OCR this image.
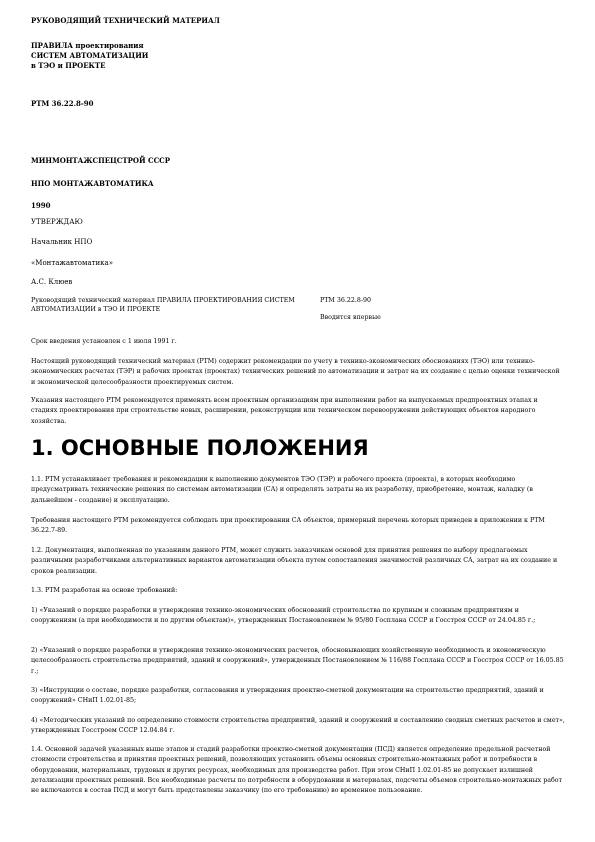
РУКОВОДЯЩИЙ ТЕХНИЧЕСКИЙ МАТЕРИАЛ

ПРАВИЛА проектирования

СИСТЕМ АВТОМАТИЗАЦИИ

в ТЭО и ПРОЕКТЕ

РТМ 36.22.8-90

МИНМОНТАЖСПЕЦСТРОЙ СССР

НПО МОНТАЖАВТОМАТИКА

1990

УТВЕРЖДАЮ

Начальник НПО

«Монтажавтоматика»

А.С. Клюев

Руководящий технический материал ПРАВИЛА ПРОЕКТИРОВАНИЯ СИСТЕМ АВТОМАТИЗАЦИИ в ТЭО И ПРОЕКТЕ	
РТМ 36.22.8-90
Вводится впервые

Срок введения установлен с 1 июля 1991 г.

Настоящий руководящий технический материал (РТМ) содержит рекомендации по учету в технико-экономических обоснованиях (ТЭО) или технико-экономических расчетах (ТЭР) и рабочих проектах (проектах) технических решений по автоматизации и затрат на их создание с целью оценки технической и экономической целесообразности проектируемых систем.

Указания настоящего РТМ рекомендуется применять всем проектным организациям при выполнении работ на выпускаемых предпроектных этапах и стадиях проектирования при строительстве новых, расширении, реконструкции или техническом перевооружении действующих объектов народного хозяйства.

1. ОСНОВНЫЕ ПОЛОЖЕНИЯ

1.1. РТМ устанавливает требования и рекомендации к выполнению документов ТЭО (ТЭР) и рабочего проекта (проекта), в которых необходимо предусматривать технические решения по системам автоматизации (СА) и определять затраты на их разработку, приобретение, монтаж, наладку (в дальнейшем - создание) и эксплуатацию.

Требования настоящего РТМ рекомендуется соблюдать при проектировании СА объектов, примерный перечень которых приведен в приложении к РТМ 36.22.7-89.

1.2. Документация, выполненная по указаниям данного РТМ, может служить заказчикам основой для принятия решения по выбору предлагаемых различными разработчиками альтернативных вариантов автоматизации объекта путем сопоставления значимостей различных СА, затрат на их создание и сроков реализации.

1.3. РТМ разработан на основе требований:

1) «Указаний о порядке разработки и утверждения технико-экономических обоснований строительства по крупным и сложным предприятиям и сооружениям (а при необходимости и по другим объектам)», утвержденных Постановлением № 95/80 Госплана СССР и Госстроя СССР от 24.04.85 г.;

2) «Указаний о порядке разработки и утверждения технико-экономических расчетов, обосновывающих хозяйственную необходимость и экономическую целесообразность строительства предприятий, зданий и сооружений», утвержденных Постановлением № 116/88 Госплана СССР и Госстроя СССР от 16.05.85 г.;

3) «Инструкции о составе, порядке разработки, согласования и утверждения проектно-сметной документации на строительство предприятий, зданий и сооружений» СНиП 1.02.01-85;

4) «Методических указаний по определению стоимости строительства предприятий, зданий и сооружений и составлению сводных сметных расчетов и смет», утвержденных Госстроем СССР 12.04.84 г.

1.4. Основной задачей указанных выше этапов и стадий разработки проектно-сметной документации (ПСД) является определение предельной расчетной стоимости строительства и принятия проектных решений, позволяющих установить объемы основных строительно-монтажных работ и потребности в оборудовании, материальных, трудовых и других ресурсах, необходимых для производства работ. При этом СНиП 1.02.01-85 не допускает излишней детализации проектных решений. Все необходимые расчеты по потребности в оборудовании и материалах, подсчеты объемов строительно-монтажных работ не включаются в состав ПСД и могут быть представлены заказчику (по его требованию) во временное пользование.
